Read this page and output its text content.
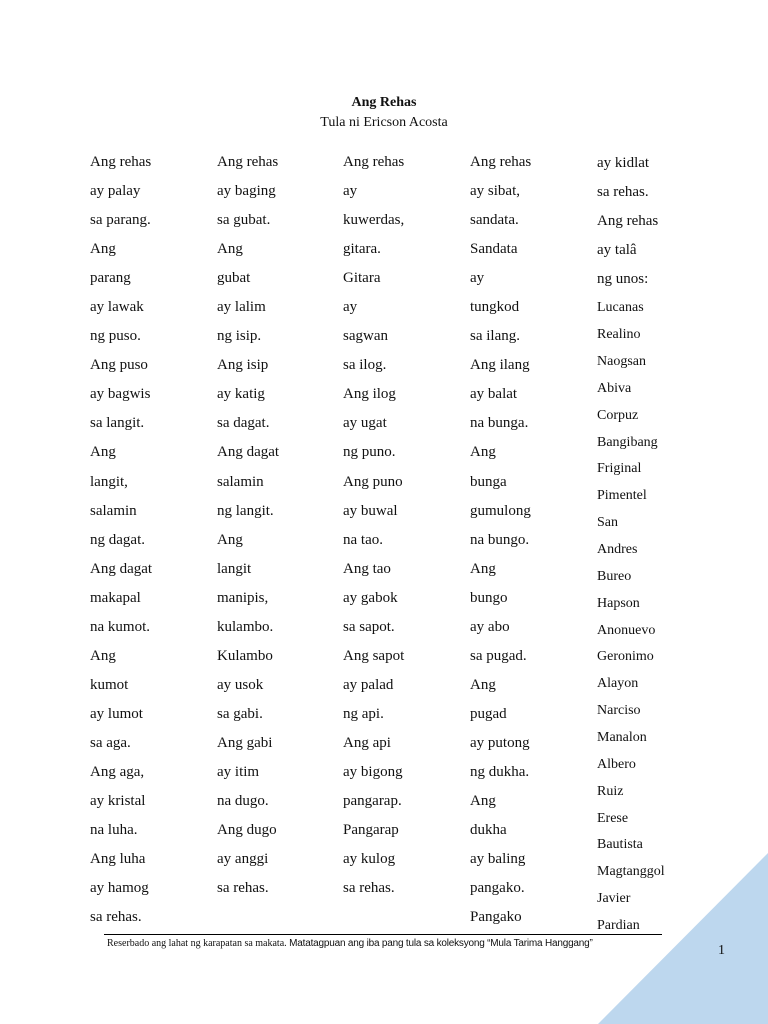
Ang Rehas
Tula ni Ericson Acosta
Ang rehas
ay palay
sa parang.
Ang
parang
ay lawak
ng puso.
Ang puso
ay bagwis
sa langit.
Ang
langit,
salamin
ng dagat.
Ang dagat
makapal
na kumot.
Ang
kumot
ay lumot
sa aga.
Ang aga,
ay kristal
na luha.
Ang luha
ay hamog
sa rehas.
Ang rehas
ay baging
sa gubat.
Ang
gubat
ay lalim
ng isip.
Ang isip
ay katig
sa dagat.
Ang dagat
salamin
ng langit.
Ang
langit
manipis,
kulambo.
Kulambo
ay usok
sa gabi.
Ang gabi
ay itim
na dugo.
Ang dugo
ay anggi
sa rehas.
Ang rehas
ay
kuwerdas,
gitara.
Gitara
ay
sagwan
sa ilog.
Ang ilog
ay ugat
ng puno.
Ang puno
ay buwal
na tao.
Ang tao
ay gabok
sa sapot.
Ang sapot
ay palad
ng api.
Ang api
ay bigong
pangarap.
Pangarap
ay kulog
sa rehas.
Ang rehas
ay sibat,
sandata.
Sandata
ay
tungkod
sa ilang.
Ang ilang
ay balat
na bunga.
Ang
bunga
gumulong
na bungo.
Ang
bungo
ay abo
sa pugad.
Ang
pugad
ay putong
ng dukha.
Ang
dukha
ay baling
pangako.
Pangako
ay kidlat
sa rehas.
Ang rehas
ay talâ
ng unos:
Lucanas
Realino
Naogsan
Abiva
Corpuz
Bangibang
Friginal
Pimentel
San
Andres
Bureo
Hapson
Anonuevo
Geronimo
Alayon
Narciso
Manalon
Albero
Ruiz
Erese
Bautista
Magtanggol
Javier
Pardian
Reserbado ang lahat ng karapatan sa makata. Matatagpuan ang iba pang tula sa koleksyong “Mula Tarima Hanggang”	1
